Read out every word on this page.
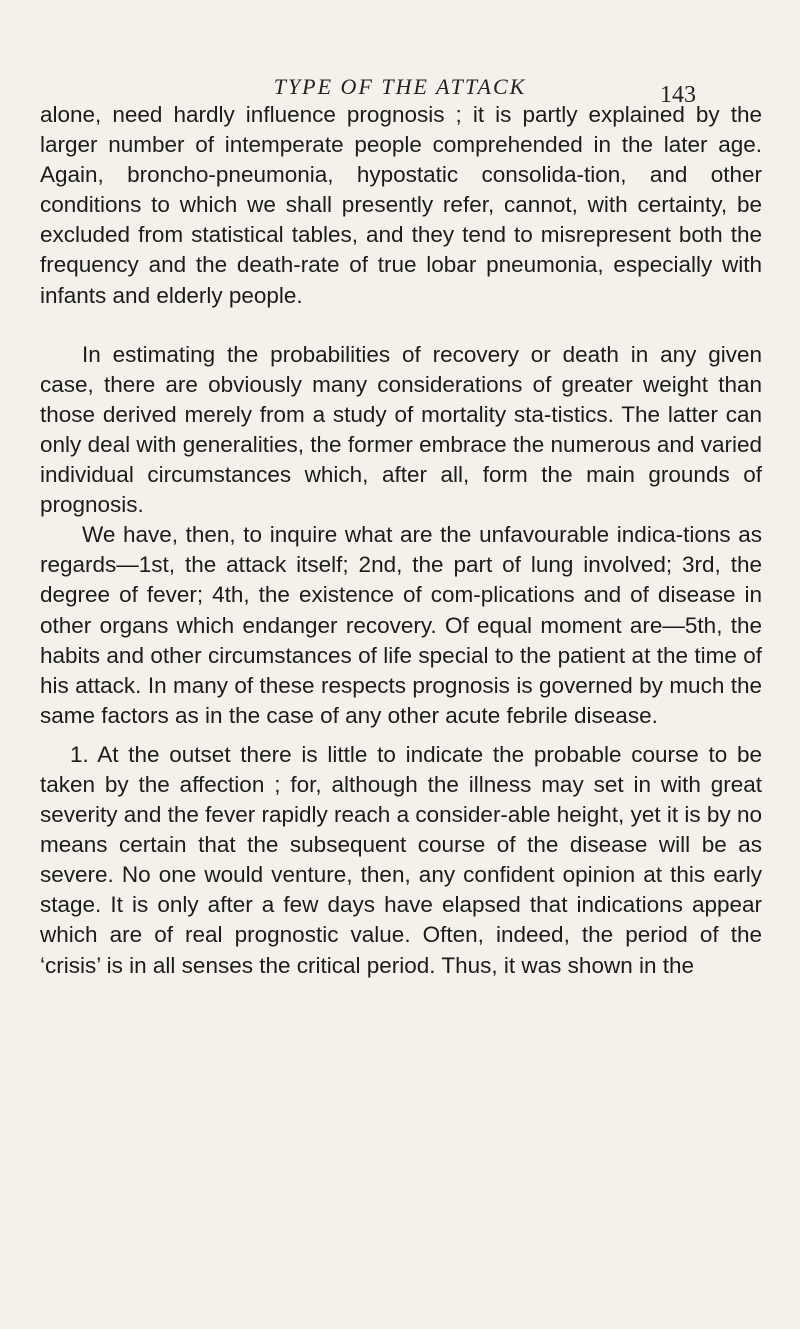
TYPE OF THE ATTACK	143

alone, need hardly influence prognosis ; it is partly explained by the larger number of intemperate people comprehended in the later age. Again, broncho-pneumonia, hypostatic consolida-tion, and other conditions to which we shall presently refer, cannot, with certainty, be excluded from statistical tables, and they tend to misrepresent both the frequency and the death-rate of true lobar pneumonia, especially with infants and elderly people.

In estimating the probabilities of recovery or death in any given case, there are obviously many considerations of greater weight than those derived merely from a study of mortality sta-tistics. The latter can only deal with generalities, the former embrace the numerous and varied individual circumstances which, after all, form the main grounds of prognosis.

We have, then, to inquire what are the unfavourable indica-tions as regards—1st, the attack itself; 2nd, the part of lung involved; 3rd, the degree of fever; 4th, the existence of com-plications and of disease in other organs which endanger recovery. Of equal moment are—5th, the habits and other circumstances of life special to the patient at the time of his attack. In many of these respects prognosis is governed by much the same factors as in the case of any other acute febrile disease.

1. At the outset there is little to indicate the probable course to be taken by the affection ; for, although the illness may set in with great severity and the fever rapidly reach a consider-able height, yet it is by no means certain that the subsequent course of the disease will be as severe. No one would venture, then, any confident opinion at this early stage. It is only after a few days have elapsed that indications appear which are of real prognostic value. Often, indeed, the period of the ‘crisis’ is in all senses the critical period. Thus, it was shown in the
